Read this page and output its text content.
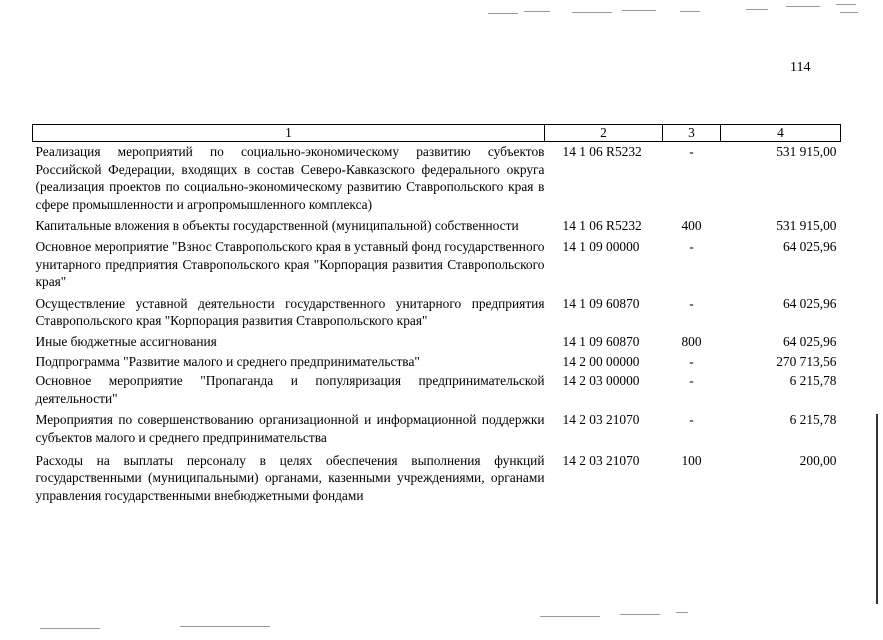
114
1	2	3	4
Реализация мероприятий по социально-экономическому развитию субъектов Российской Федерации, входящих в состав Северо-Кавказского федерального округа (реализация проектов по социально-экономическому развитию Ставропольского края в сфере промышленности и агропромышленного комплекса)	14 1 06 R5232	-	531 915,00
Капитальные вложения в объекты государственной (муниципальной) собственности	14 1 06 R5232	400	531 915,00
Основное мероприятие "Взнос Ставропольского края в уставный фонд государственного унитарного предприятия Ставропольского края "Корпорация развития Ставропольского края"	14 1 09 00000	-	64 025,96
Осуществление уставной деятельности государственного унитарного предприятия Ставропольского края "Корпорация развития Ставропольского края"	14 1 09 60870	-	64 025,96
Иные бюджетные ассигнования	14 1 09 60870	800	64 025,96
Подпрограмма "Развитие малого и среднего предпринимательства"	14 2 00 00000	-	270 713,56
Основное мероприятие "Пропаганда и популяризация предпринимательской деятельности"	14 2 03 00000	-	6 215,78
Мероприятия по совершенствованию организационной и информационной поддержки субъектов малого и среднего предпринимательства	14 2 03 21070	-	6 215,78
Расходы на выплаты персоналу в целях обеспечения выполнения функций государственными (муниципальными) органами, казенными учреждениями, органами управления государственными внебюджетными фондами	14 2 03 21070	100	200,00
